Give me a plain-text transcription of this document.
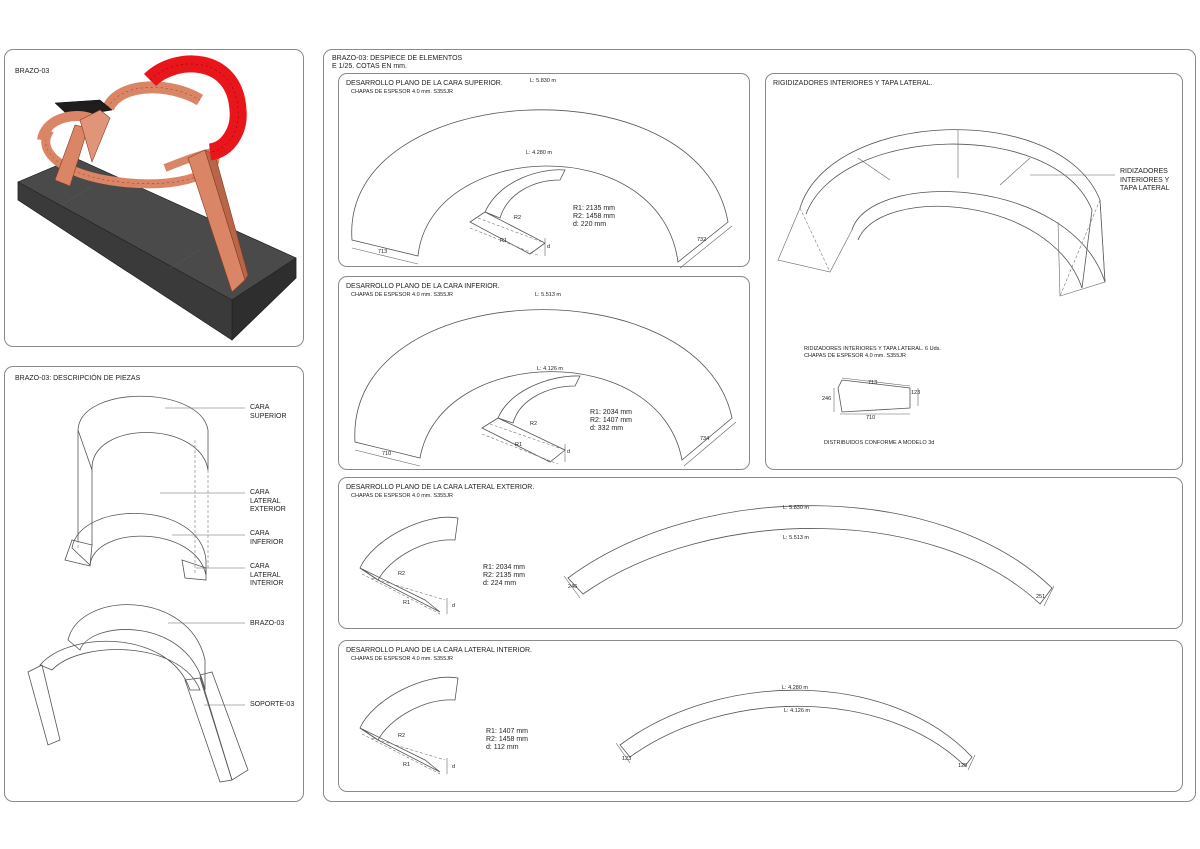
BRAZO-03
BRAZO-03: DESCRIPCIÓN DE PIEZAS
CARA
SUPERIOR
CARA
LATERAL
EXTERIOR
CARA
INFERIOR
CARA
LATERAL
INTERIOR
BRAZO-03
SOPORTE-03
BRAZO-03: DESPIECE DE ELEMENTOS
E 1/25. COTAS EN mm.
DESARROLLO PLANO DE LA CARA SUPERIOR.
CHAPAS DE ESPESOR 4.0 mm. S355JR
L: 5.830 m
L: 4.280 m
713
732
R1: 2135 mm
R2: 1458 mm
d: 220 mm
R2
R1
d
DESARROLLO PLANO DE LA CARA INFERIOR.
CHAPAS DE ESPESOR 4.0 mm. S355JR	L: 5.513 m
L: 4.126 m
710
734
R1: 2034 mm
R2: 1407 mm
d: 332 mm
R2
R1
d
RIGIDIZADORES INTERIORES Y TAPA LATERAL.
RIDIZADORES
INTERIORES Y
TAPA LATERAL
RIDIZADORES INTERIORES Y TAPA LATERAL. 6 Uds.
CHAPAS DE ESPESOR 4.0 mm. S355JR
713
710
246
123
DISTRIBUIDOS CONFORME A MODELO 3d
DESARROLLO PLANO DE LA CARA LATERAL EXTERIOR.
CHAPAS DE ESPESOR 4.0 mm. S355JR
R1: 2034 mm
R2: 2135 mm
d: 224 mm
L: 5.830 m
L: 5.513 m
246
251
R2
R1	d
DESARROLLO PLANO DE LA CARA LATERAL INTERIOR.
CHAPAS DE ESPESOR 4.0 mm. S355JR
R1: 1407 mm
R2: 1458 mm
d: 112 mm
L: 4.280 m
L: 4.126 m
123
125
R2
R1	d
